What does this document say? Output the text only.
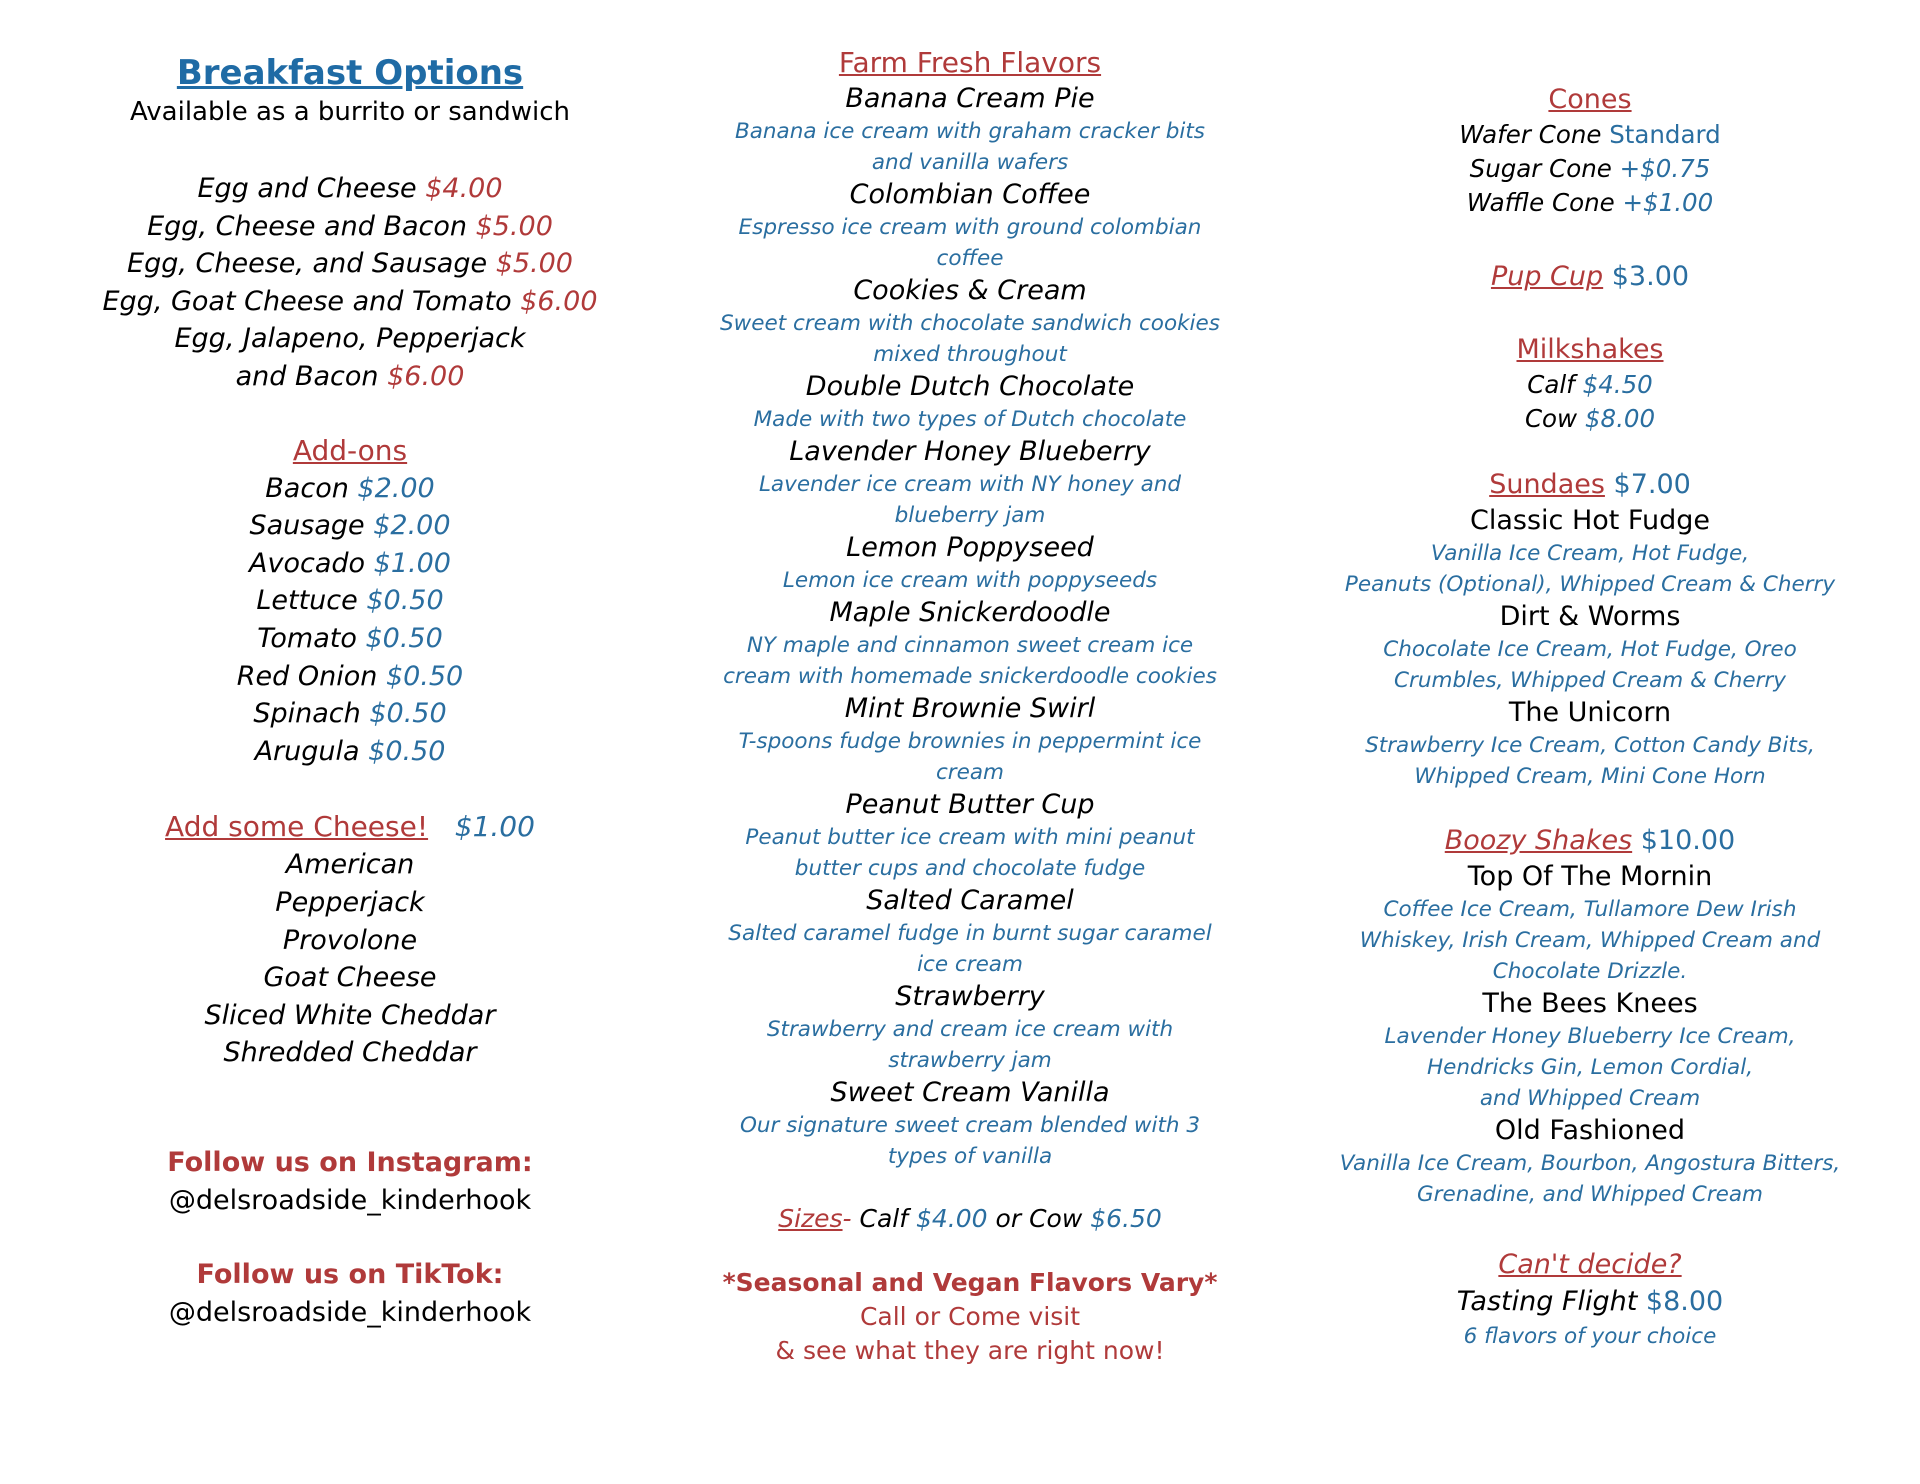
Breakfast Options
Available as a burrito or sandwich
Egg and Cheese $4.00
Egg, Cheese and Bacon $5.00
Egg, Cheese, and Sausage $5.00
Egg, Goat Cheese and Tomato $6.00
Egg, Jalapeno, Pepperjack
and Bacon $6.00
Add-ons
Bacon $2.00
Sausage $2.00
Avocado $1.00
Lettuce $0.50
Tomato $0.50
Red Onion $0.50
Spinach $0.50
Arugula $0.50
Add some Cheese! $1.00
American
Pepperjack
Provolone
Goat Cheese
Sliced White Cheddar
Shredded Cheddar
Follow us on Instagram:
@delsroadside_kinderhook
Follow us on TikTok:
@delsroadside_kinderhook
Farm Fresh Flavors
Banana Cream Pie
Banana ice cream with graham cracker bits
and vanilla wafers
Colombian Coffee
Espresso ice cream with ground colombian
coffee
Cookies & Cream
Sweet cream with chocolate sandwich cookies
mixed throughout
Double Dutch Chocolate
Made with two types of Dutch chocolate
Lavender Honey Blueberry
Lavender ice cream with NY honey and
blueberry jam
Lemon Poppyseed
Lemon ice cream with poppyseeds
Maple Snickerdoodle
NY maple and cinnamon sweet cream ice
cream with homemade snickerdoodle cookies
Mint Brownie Swirl
T-spoons fudge brownies in peppermint ice
cream
Peanut Butter Cup
Peanut butter ice cream with mini peanut
butter cups and chocolate fudge
Salted Caramel
Salted caramel fudge in burnt sugar caramel
ice cream
Strawberry
Strawberry and cream ice cream with
strawberry jam
Sweet Cream Vanilla
Our signature sweet cream blended with 3
types of vanilla
Sizes- Calf $4.00 or Cow $6.50
*Seasonal and Vegan Flavors Vary*
Call or Come visit
& see what they are right now!
Cones
Wafer Cone Standard
Sugar Cone +$0.75
Waffle Cone +$1.00
Pup Cup $3.00
Milkshakes
Calf $4.50
Cow $8.00
Sundaes $7.00
Classic Hot Fudge
Vanilla Ice Cream, Hot Fudge,
Peanuts (Optional), Whipped Cream & Cherry
Dirt & Worms
Chocolate Ice Cream, Hot Fudge, Oreo
Crumbles, Whipped Cream & Cherry
The Unicorn
Strawberry Ice Cream, Cotton Candy Bits,
Whipped Cream, Mini Cone Horn
Boozy Shakes $10.00
Top Of The Mornin
Coffee Ice Cream, Tullamore Dew Irish
Whiskey, Irish Cream, Whipped Cream and
Chocolate Drizzle.
The Bees Knees
Lavender Honey Blueberry Ice Cream,
Hendricks Gin, Lemon Cordial,
and Whipped Cream
Old Fashioned
Vanilla Ice Cream, Bourbon, Angostura Bitters,
Grenadine, and Whipped Cream
Can't decide?
Tasting Flight $8.00
6 flavors of your choice
